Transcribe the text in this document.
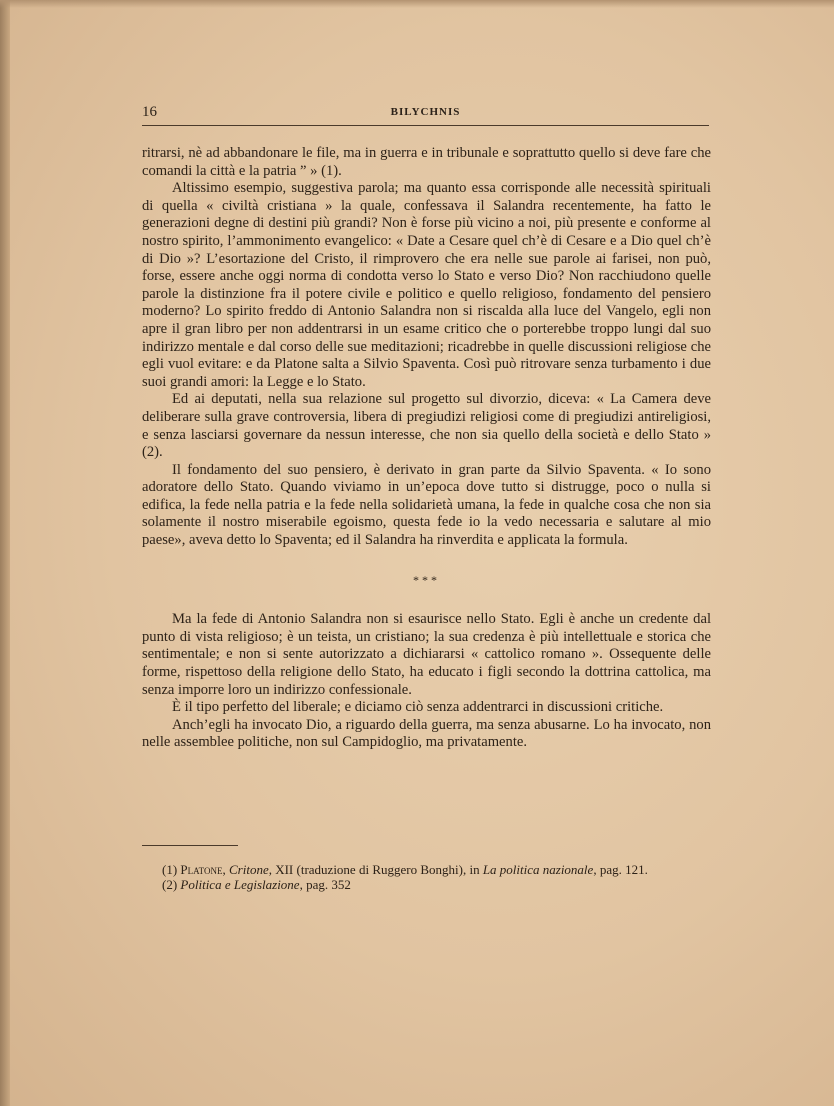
16	BILYCHNIS

ritrarsi, nè ad abbandonare le file, ma in guerra e in tribunale e soprattutto quello si deve fare che comandi la città e la patria ” » (1).

Altissimo esempio, suggestiva parola; ma quanto essa corrisponde alle necessità spirituali di quella « civiltà cristiana » la quale, confessava il Salandra recentemente, ha fatto le generazioni degne di destini più grandi? Non è forse più vicino a noi, più presente e conforme al nostro spirito, l’ammonimento evangelico: « Date a Cesare quel ch’è di Cesare e a Dio quel ch’è di Dio »? L’esortazione del Cristo, il rimprovero che era nelle sue parole ai farisei, non può, forse, essere anche oggi norma di condotta verso lo Stato e verso Dio? Non racchiudono quelle parole la distinzione fra il potere civile e politico e quello religioso, fondamento del pensiero moderno? Lo spirito freddo di Antonio Salandra non si riscalda alla luce del Vangelo, egli non apre il gran libro per non addentrarsi in un esame critico che o porterebbe troppo lungi dal suo indirizzo mentale e dal corso delle sue meditazioni; ricadrebbe in quelle discussioni religiose che egli vuol evitare: e da Platone salta a Silvio Spaventa. Così può ritrovare senza turbamento i due suoi grandi amori: la Legge e lo Stato.

Ed ai deputati, nella sua relazione sul progetto sul divorzio, diceva: « La Camera deve deliberare sulla grave controversia, libera di pregiudizi religiosi come di pregiudizi antireligiosi, e senza lasciarsi governare da nessun interesse, che non sia quello della società e dello Stato » (2).

Il fondamento del suo pensiero, è derivato in gran parte da Silvio Spaventa. « Io sono adoratore dello Stato. Quando viviamo in un’epoca dove tutto si distrugge, poco o nulla si edifica, la fede nella patria e la fede nella solidarietà umana, la fede in qualche cosa che non sia solamente il nostro miserabile egoismo, questa fede io la vedo necessaria e salutare al mio paese», aveva detto lo Spaventa; ed il Salandra ha rinverdita e applicata la formula.

***

Ma la fede di Antonio Salandra non si esaurisce nello Stato. Egli è anche un credente dal punto di vista religioso; è un teista, un cristiano; la sua credenza è più intellettuale e storica che sentimentale; e non si sente autorizzato a dichiararsi « cattolico romano ». Ossequente delle forme, rispettoso della religione dello Stato, ha educato i figli secondo la dottrina cattolica, ma senza imporre loro un indirizzo confessionale.

È il tipo perfetto del liberale; e diciamo ciò senza addentrarci in discussioni critiche.

Anch’egli ha invocato Dio, a riguardo della guerra, ma senza abusarne. Lo ha invocato, non nelle assemblee politiche, non sul Campidoglio, ma privatamente.

(1) Platone, Critone, XII (traduzione di Ruggero Bonghi), in La politica nazionale, pag. 121.

(2) Politica e Legislazione, pag. 352
